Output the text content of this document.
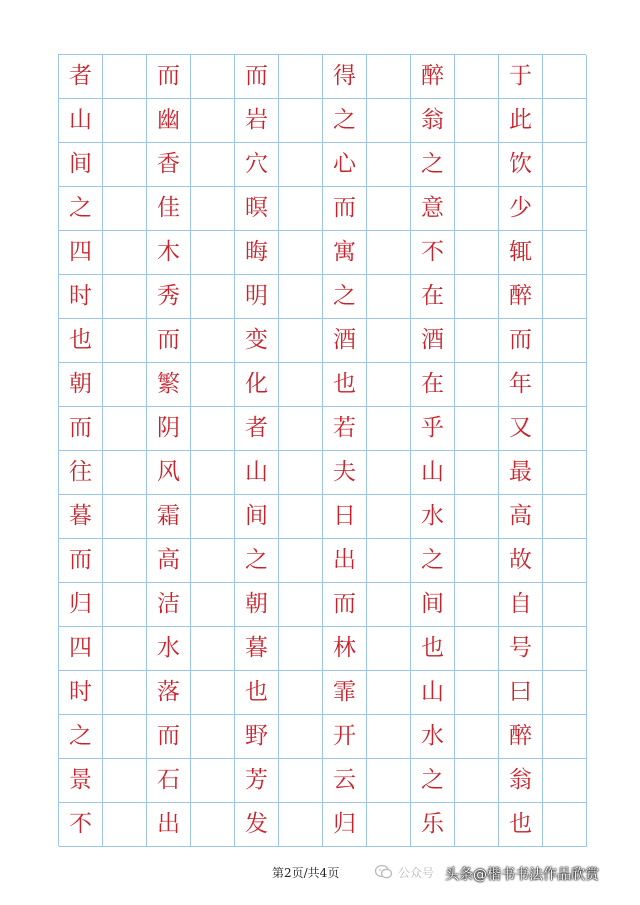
者	而	而	得	醉	于
山	幽	岩	之	翁	此
间	香	穴	心	之	饮
之	佳	暝	而	意	少
四	木	晦	寓	不	辄
时	秀	明	之	在	醉
也	而	变	酒	酒	而
朝	繁	化	也	在	年
而	阴	者	若	乎	又
往	风	山	夫	山	最
暮	霜	间	日	水	高
而	高	之	出	之	故
归	洁	朝	而	间	自
四	水	暮	林	也	号
时	落	也	霏	山	曰
之	而	野	开	水	醉
景	石	芳	云	之	翁
不	出	发	归	乐	也
第2页/共4页	公众号 头条@楷书书法作品欣赏
